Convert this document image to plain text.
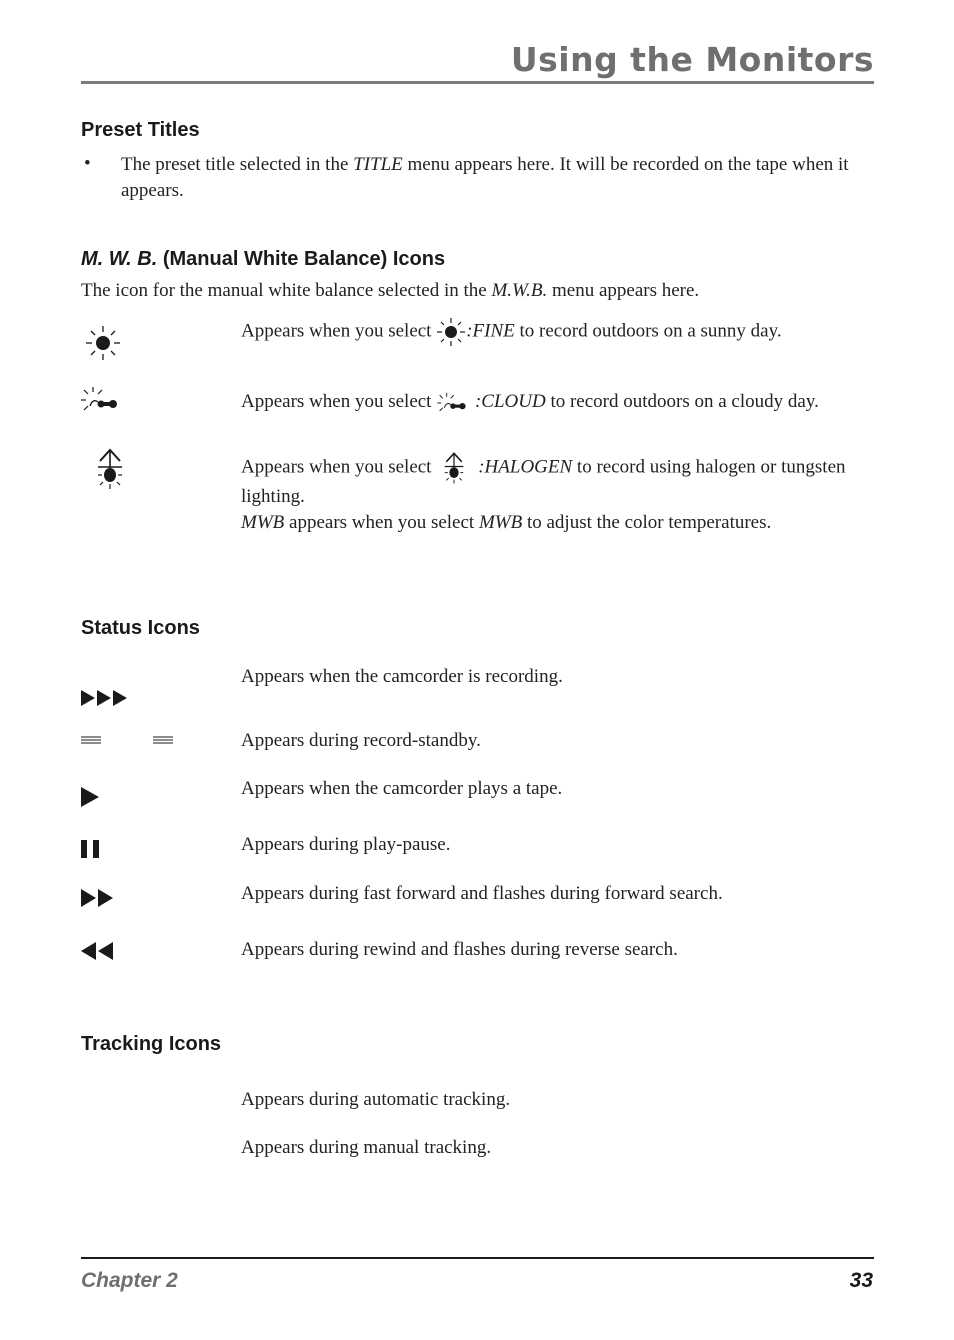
Using the Monitors
Preset Titles
• The preset title selected in the TITLE menu appears here. It will be recorded on the tape when it appears.
M. W. B. (Manual White Balance) Icons
The icon for the manual white balance selected in the M.W.B. menu appears here.
Appears when you select
:FINE to record outdoors on a sunny day.
Appears when you select
:CLOUD to record outdoors on a cloudy day.
Appears when you select
:HALOGEN to record using halogen or tungsten lighting.
MWB appears when you select MWB to adjust the color temperatures.
Status Icons
Appears when the camcorder is recording.
Appears during record-standby.
Appears when the camcorder plays a tape.
Appears during play-pause.
Appears during fast forward and flashes during forward search.
Appears during rewind and flashes during reverse search.
Tracking Icons
Appears during automatic tracking.
Appears during manual tracking.
Chapter 2	33
